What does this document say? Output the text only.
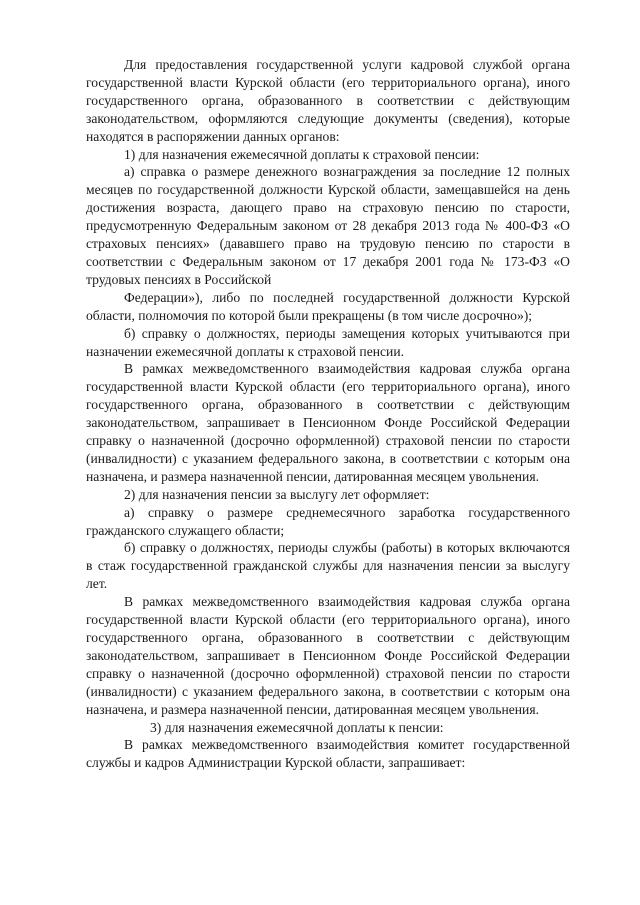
Для предоставления государственной услуги кадровой службой органа государственной власти Курской области (его территориального органа), иного государственного органа, образованного в соответствии с действующим законодательством, оформляются следующие документы (сведения), которые находятся в распоряжении данных органов:

1) для назначения ежемесячной доплаты к страховой пенсии:

а) справка о размере денежного вознаграждения за последние 12 полных месяцев по государственной должности Курской области, замещавшейся на день достижения возраста, дающего право на страховую пенсию по старости, предусмотренную Федеральным законом от 28 декабря 2013 года № 400-ФЗ «О страховых пенсиях» (дававшего право на трудовую пенсию по старости в соответствии с Федеральным законом от 17 декабря 2001 года № 173-ФЗ «О трудовых пенсиях в Российской

Федерации»), либо по последней государственной должности Курской области, полномочия по которой были прекращены (в том числе досрочно»);

б) справку о должностях, периоды замещения которых учитываются при назначении ежемесячной доплаты к страховой пенсии.

В рамках межведомственного взаимодействия кадровая служба органа государственной власти Курской области (его территориального органа), иного государственного органа, образованного в соответствии с действующим законодательством, запрашивает в Пенсионном Фонде Российской Федерации справку о назначенной (досрочно оформленной) страховой пенсии по старости (инвалидности) с указанием федерального закона, в соответствии с которым она назначена, и размера назначенной пенсии, датированная месяцем увольнения.

2) для назначения пенсии за выслугу лет оформляет:

а) справку о размере среднемесячного заработка государственного гражданского служащего области;

б) справку о должностях, периоды службы (работы) в которых включаются в стаж государственной гражданской службы для назначения пенсии за выслугу лет.

В рамках межведомственного взаимодействия кадровая служба органа государственной власти Курской области (его территориального органа), иного государственного органа, образованного в соответствии с действующим законодательством, запрашивает в Пенсионном Фонде Российской Федерации справку о назначенной (досрочно оформленной) страховой пенсии по старости (инвалидности) с указанием федерального закона, в соответствии с которым она назначена, и размера назначенной пенсии, датированная месяцем увольнения.

3) для назначения ежемесячной доплаты к пенсии:

В рамках межведомственного взаимодействия комитет государственной службы и кадров Администрации Курской области, запрашивает:
